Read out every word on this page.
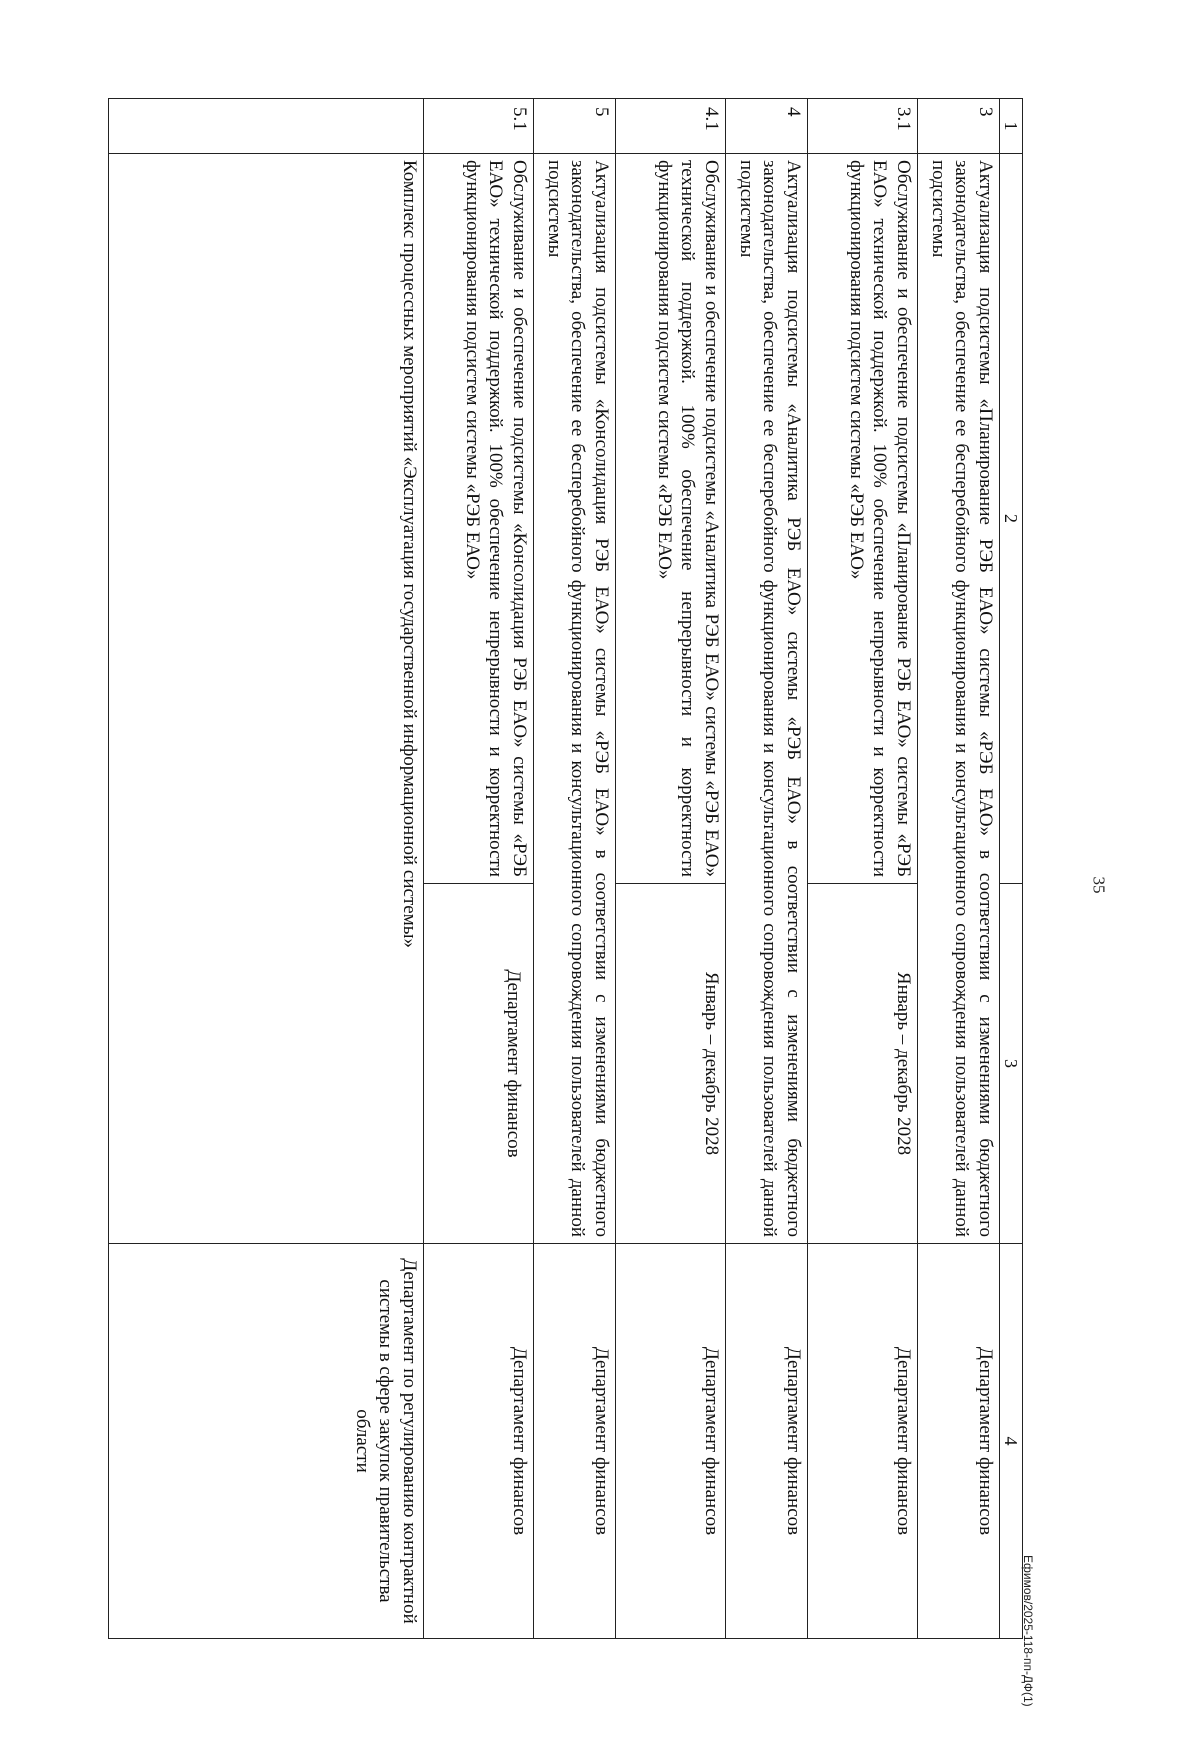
35
1	2	3	4
3	Актуализация подсистемы «Планирование РЭБ ЕАО» системы «РЭБ ЕАО» в соответствии с изменениями бюджетного законодательства, обеспечение ее бесперебойного функционирования и консультационного сопровождения пользователей данной подсистемы		Департамент финансов
3.1	Обслуживание и обеспечение подсистемы «Планирование РЭБ ЕАО» системы «РЭБ ЕАО» технической поддержкой. 100% обеспечение непрерывности и корректности функционирования подсистем системы «РЭБ ЕАО»	Январь – декабрь 2028	Департамент финансов
4	Актуализация подсистемы «Аналитика РЭБ ЕАО» системы «РЭБ ЕАО» в соответствии с изменениями бюджетного законодательства, обеспечение ее бесперебойного функционирования и консультационного сопровождения пользователей данной подсистемы		Департамент финансов
4.1	Обслуживание и обеспечение подсистемы «Аналитика РЭБ ЕАО» системы «РЭБ ЕАО» технической поддержкой. 100% обеспечение непрерывности и корректности функционирования подсистем системы «РЭБ ЕАО»	Январь – декабрь 2028	Департамент финансов
5	Актуализация подсистемы «Консолидация РЭБ ЕАО» системы «РЭБ ЕАО» в соответствии с изменениями бюджетного законодательства, обеспечение ее бесперебойного функционирования и консультационного сопровождения пользователей данной подсистемы		Департамент финансов
5.1	Обслуживание и обеспечение подсистемы «Консолидация РЭБ ЕАО» системы «РЭБ ЕАО» технической поддержкой. 100% обеспечение непрерывности и корректности функционирования подсистем системы «РЭБ ЕАО»	Департамент финансов	Департамент финансов
	Комплекс процессных мероприятий «Эксплуатация государственной информационной системы»		Департамент по регулированию контрактной системы в сфере закупок правительства области
Ефимов/2025-118-пп-ДФ(1)
